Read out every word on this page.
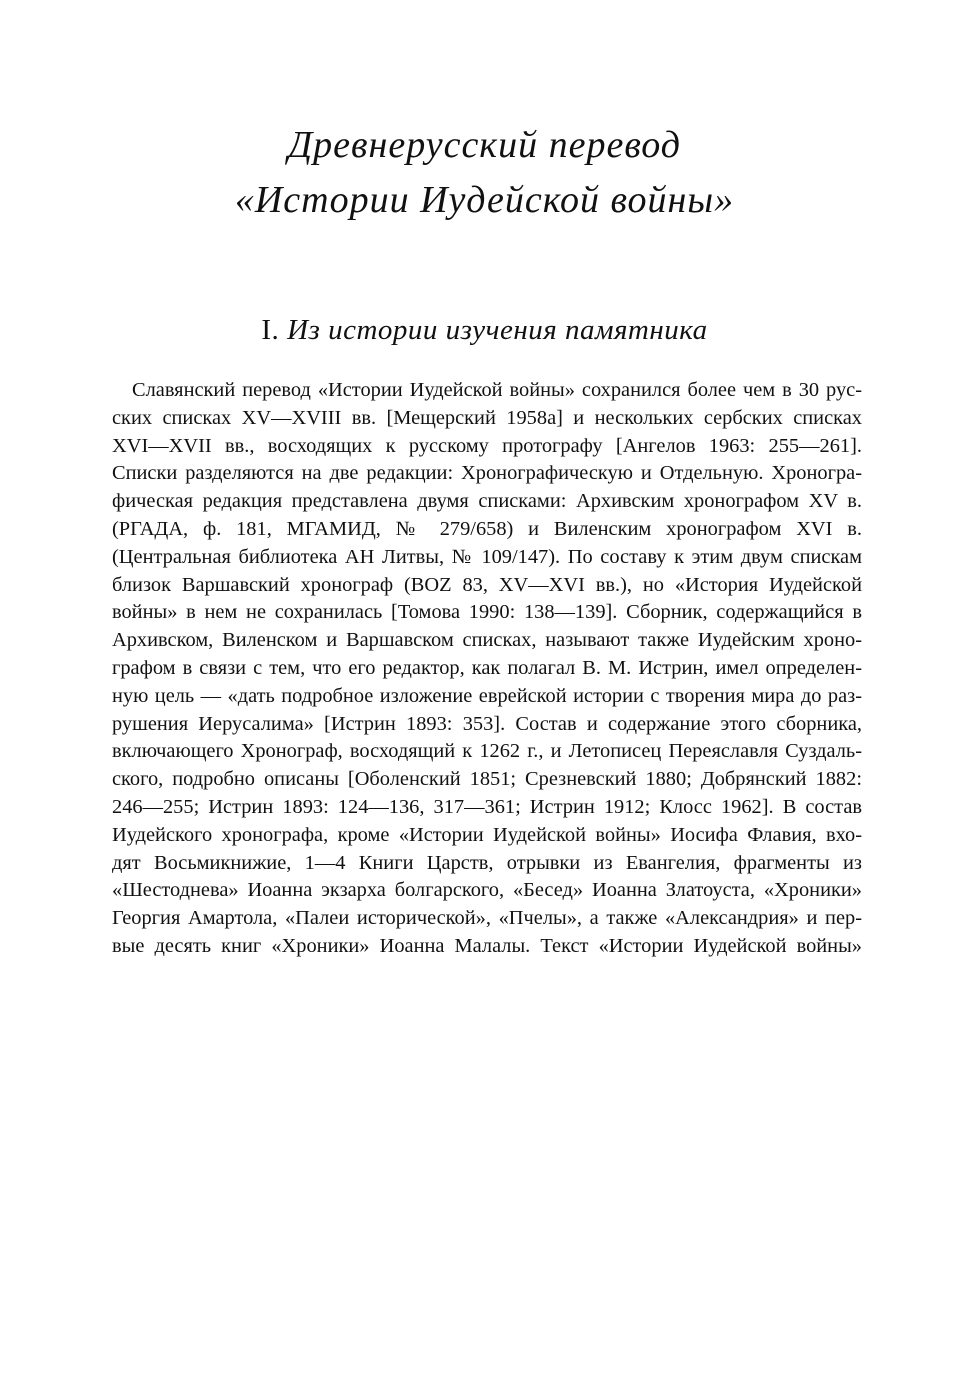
Древнерусский перевод
«Истории Иудейской войны»
I. Из истории изучения памятника
Славянский перевод «Истории Иудейской войны» сохранился более чем в 30 рус-
ских списках XV—XVIII вв. [Мещерский 1958а] и нескольких сербских списках
XVI—XVII вв., восходящих к русскому протографу [Ангелов 1963: 255—261].
Списки разделяются на две редакции: Хронографическую и Отдельную. Хроногра-
фическая редакция представлена двумя списками: Архивским хронографом XV в.
(РГАДА, ф. 181, МГАМИД, № 279/658) и Виленским хронографом XVI в.
(Центральная библиотека АН Литвы, № 109/147). По составу к этим двум спискам
близок Варшавский хронограф (BOZ 83, XV—XVI вв.), но «История Иудейской
войны» в нем не сохранилась [Томова 1990: 138—139]. Сборник, содержащийся в
Архивском, Виленском и Варшавском списках, называют также Иудейским хроно-
графом в связи с тем, что его редактор, как полагал В. М. Истрин, имел определен-
ную цель — «дать подробное изложение еврейской истории с творения мира до раз-
рушения Иерусалима» [Истрин 1893: 353]. Состав и содержание этого сборника,
включающего Хронограф, восходящий к 1262 г., и Летописец Переяславля Суздаль-
ского, подробно описаны [Оболенский 1851; Срезневский 1880; Добрянский 1882:
246—255; Истрин 1893: 124—136, 317—361; Истрин 1912; Клосс 1962]. В состав
Иудейского хронографа, кроме «Истории Иудейской войны» Иосифа Флавия, вхо-
дят Восьмикнижие, 1—4 Книги Царств, отрывки из Евангелия, фрагменты из
«Шестоднева» Иоанна экзарха болгарского, «Бесед» Иоанна Златоуста, «Хроники»
Георгия Амартола, «Палеи исторической», «Пчелы», а также «Александрия» и пер-
вые десять книг «Хроники» Иоанна Малалы. Текст «Истории Иудейской войны»
